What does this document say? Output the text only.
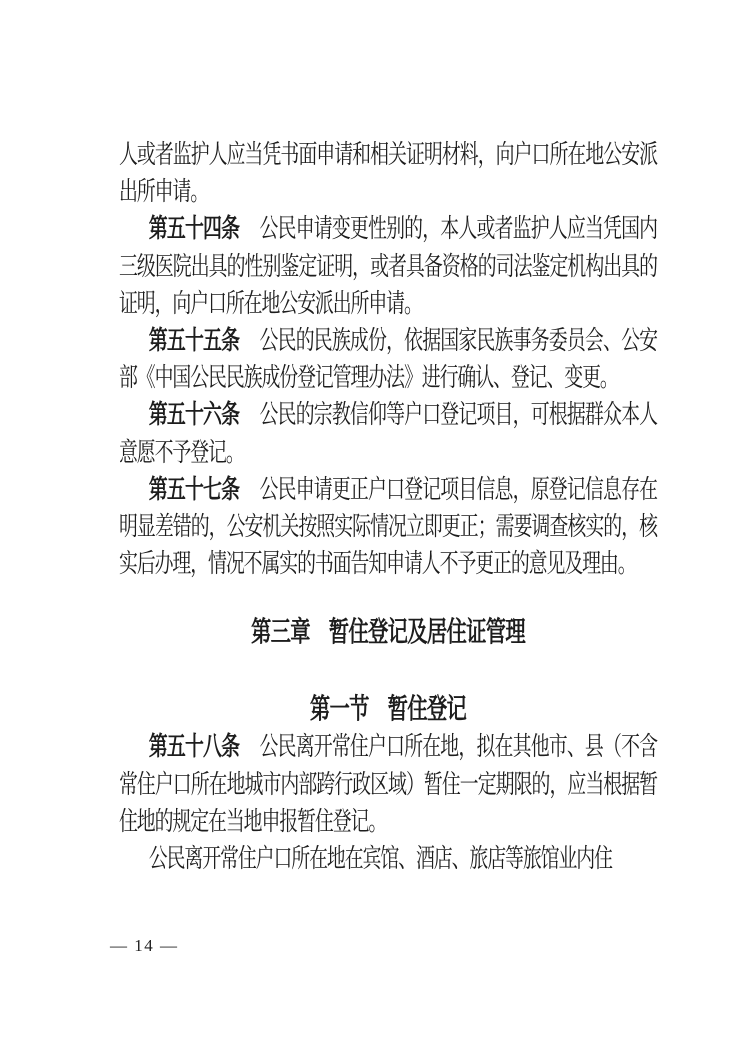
人或者监护人应当凭书面申请和相关证明材料，向户口所在地公安派出所申请。

第五十四条 公民申请变更性别的，本人或者监护人应当凭国内三级医院出具的性别鉴定证明，或者具备资格的司法鉴定机构出具的证明，向户口所在地公安派出所申请。

第五十五条 公民的民族成份，依据国家民族事务委员会、公安部《中国公民民族成份登记管理办法》进行确认、登记、变更。

第五十六条 公民的宗教信仰等户口登记项目，可根据群众本人意愿不予登记。

第五十七条 公民申请更正户口登记项目信息，原登记信息存在明显差错的，公安机关按照实际情况立即更正；需要调查核实的，核实后办理，情况不属实的书面告知申请人不予更正的意见及理由。

第三章 暂住登记及居住证管理
第一节 暂住登记

第五十八条 公民离开常住户口所在地，拟在其他市、县（不含常住户口所在地城市内部跨行政区域）暂住一定期限的，应当根据暂住地的规定在当地申报暂住登记。

公民离开常住户口所在地在宾馆、酒店、旅店等旅馆业内住

— 14 —
